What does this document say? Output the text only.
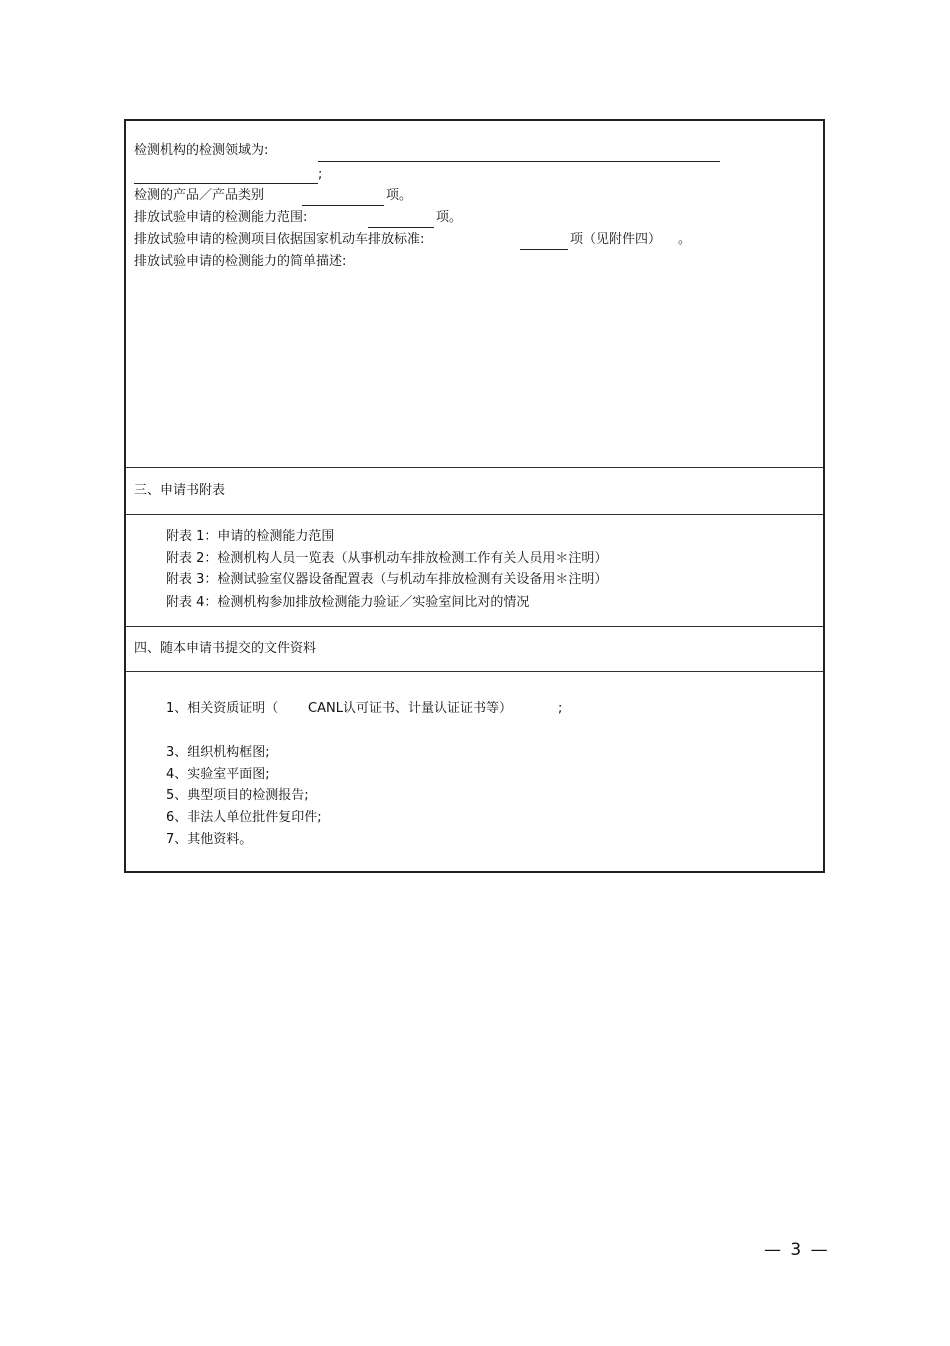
检测机构的检测领域为:
;
检测的产品／产品类别	项。
排放试验申请的检测能力范围:	项。
排放试验申请的检测项目依据国家机动车排放标准:	项（见附件四） 。
排放试验申请的检测能力的简单描述:
三、申请书附表
附表 1：申请的检测能力范围
附表 2：检测机构人员一览表（从事机动车排放检测工作有关人员用＊注明）
附表 3：检测试验室仪器设备配置表（与机动车排放检测有关设备用＊注明）
附表 4：检测机构参加排放检测能力验证／实验室间比对的情况
四、随本申请书提交的文件资料
1、相关资质证明（ CANL认可证书、计量认证证书等）	;
3、组织机构框图;
4、实验室平面图;
5、典型项目的检测报告;
6、非法人单位批件复印件;
7、其他资料。
— 3 —
